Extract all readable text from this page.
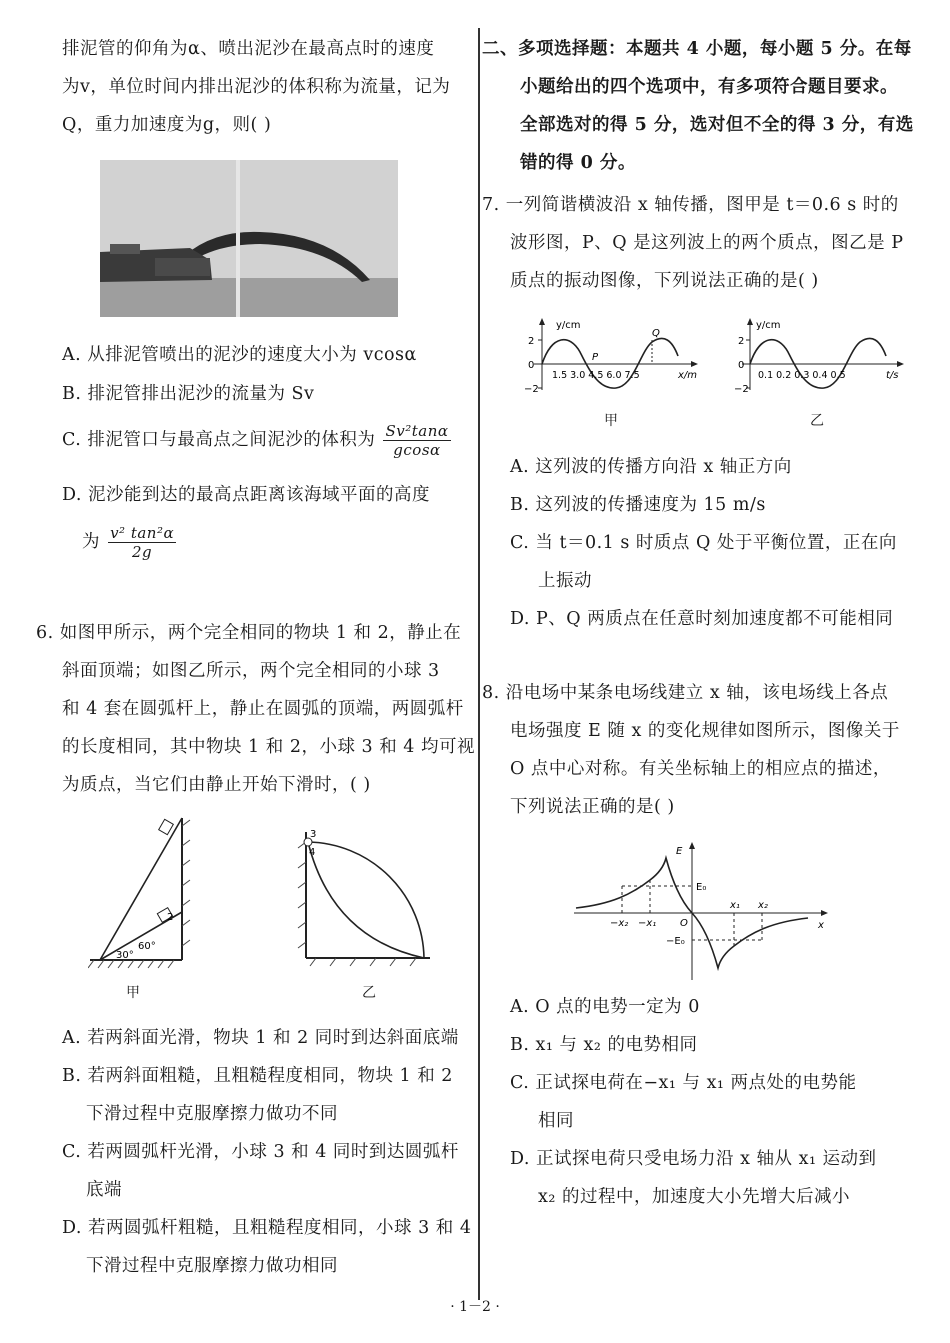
排泥管的仰角为α、喷出泥沙在最高点时的速度
为v，单位时间内排出泥沙的体积称为流量，记为
Q，重力加速度为g，则( )
A. 从排泥管喷出的泥沙的速度大小为 vcosα
B. 排泥管排出泥沙的流量为 Sv
C. 排泥管口与最高点之间泥沙的体积为 $\frac{\text{Sv²tanα}}{gcos\alpha}$
D. 泥沙能到达的最高点距离该海域平面的高度
为 $\frac{\text{v² tan²α}}{2g}$
6. 如图甲所示，两个完全相同的物块 1 和 2，静止在
斜面顶端；如图乙所示，两个完全相同的小球 3
和 4 套在圆弧杆上，静止在圆弧的顶端，两圆弧杆
的长度相同，其中物块 1 和 2，小球 3 和 4 均可视
为质点，当它们由静止开始下滑时，( )
2
30°
60°
甲
3
4
乙
A. 若两斜面光滑，物块 1 和 2 同时到达斜面底端
B. 若两斜面粗糙，且粗糙程度相同，物块 1 和 2
下滑过程中克服摩擦力做功不同
C. 若两圆弧杆光滑，小球 3 和 4 同时到达圆弧杆
底端
D. 若两圆弧杆粗糙，且粗糙程度相同，小球 3 和 4
下滑过程中克服摩擦力做功相同
二、多项选择题：本题共 4 小题，每小题 5 分。在每
小题给出的四个选项中，有多项符合题目要求。
全部选对的得 5 分，选对但不全的得 3 分，有选
错的得 0 分。
7. 一列简谐横波沿 x 轴传播，图甲是 t＝0.6 s 时的
波形图，P、Q 是这列波上的两个质点，图乙是 P
质点的振动图像，下列说法正确的是( )
y/cm
2
0
−2
1.5 3.0 4.5 6.0 7.5	x/m
P
Q
甲
y/cm
2
0
−2
0.1 0.2 0.3 0.4 0.5	t/s
乙
A. 这列波的传播方向沿 x 轴正方向
B. 这列波的传播速度为 15 m/s
C. 当 t＝0.1 s 时质点 Q 处于平衡位置，正在向
上振动
D. P、Q 两质点在任意时刻加速度都不可能相同
8. 沿电场中某条电场线建立 x 轴，该电场线上各点
电场强度 E 随 x 的变化规律如图所示，图像关于
O 点中心对称。有关坐标轴上的相应点的描述，
下列说法正确的是( )
E
x
E₀
−E₀
O
x₁ x₂
−x₁
−x₂
A. O 点的电势一定为 0
B. x₁ 与 x₂ 的电势相同
C. 正试探电荷在−x₁ 与 x₁ 两点处的电势能
相同
D. 正试探电荷只受电场力沿 x 轴从 x₁ 运动到
x₂ 的过程中，加速度大小先增大后减小
· 1－2 ·
